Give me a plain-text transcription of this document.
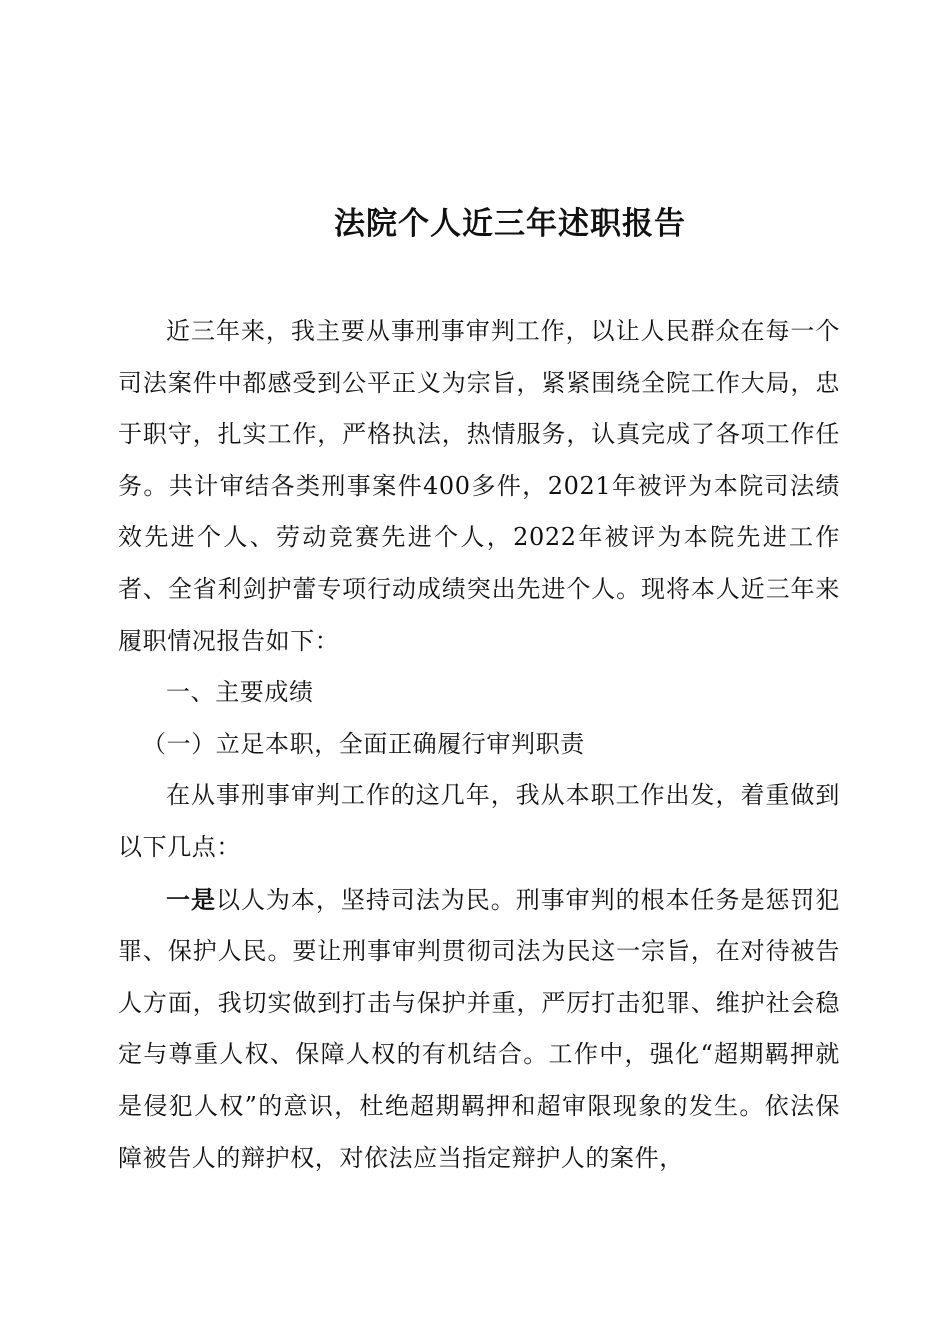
法院个人近三年述职报告

近三年来，我主要从事刑事审判工作，以让人民群众在每一个司法案件中都感受到公平正义为宗旨，紧紧围绕全院工作大局，忠于职守，扎实工作，严格执法，热情服务，认真完成了各项工作任务。共计审结各类刑事案件400多件，2021年被评为本院司法绩效先进个人、劳动竞赛先进个人，2022年被评为本院先进工作者、全省利剑护蕾专项行动成绩突出先进个人。现将本人近三年来履职情况报告如下：

一、主要成绩

（一）立足本职，全面正确履行审判职责

在从事刑事审判工作的这几年，我从本职工作出发，着重做到以下几点：

一是以人为本，坚持司法为民。刑事审判的根本任务是惩罚犯罪、保护人民。要让刑事审判贯彻司法为民这一宗旨，在对待被告人方面，我切实做到打击与保护并重，严厉打击犯罪、维护社会稳定与尊重人权、保障人权的有机结合。工作中，强化“超期羁押就是侵犯人权”的意识，杜绝超期羁押和超审限现象的发生。依法保障被告人的辩护权，对依法应当指定辩护人的案件，
